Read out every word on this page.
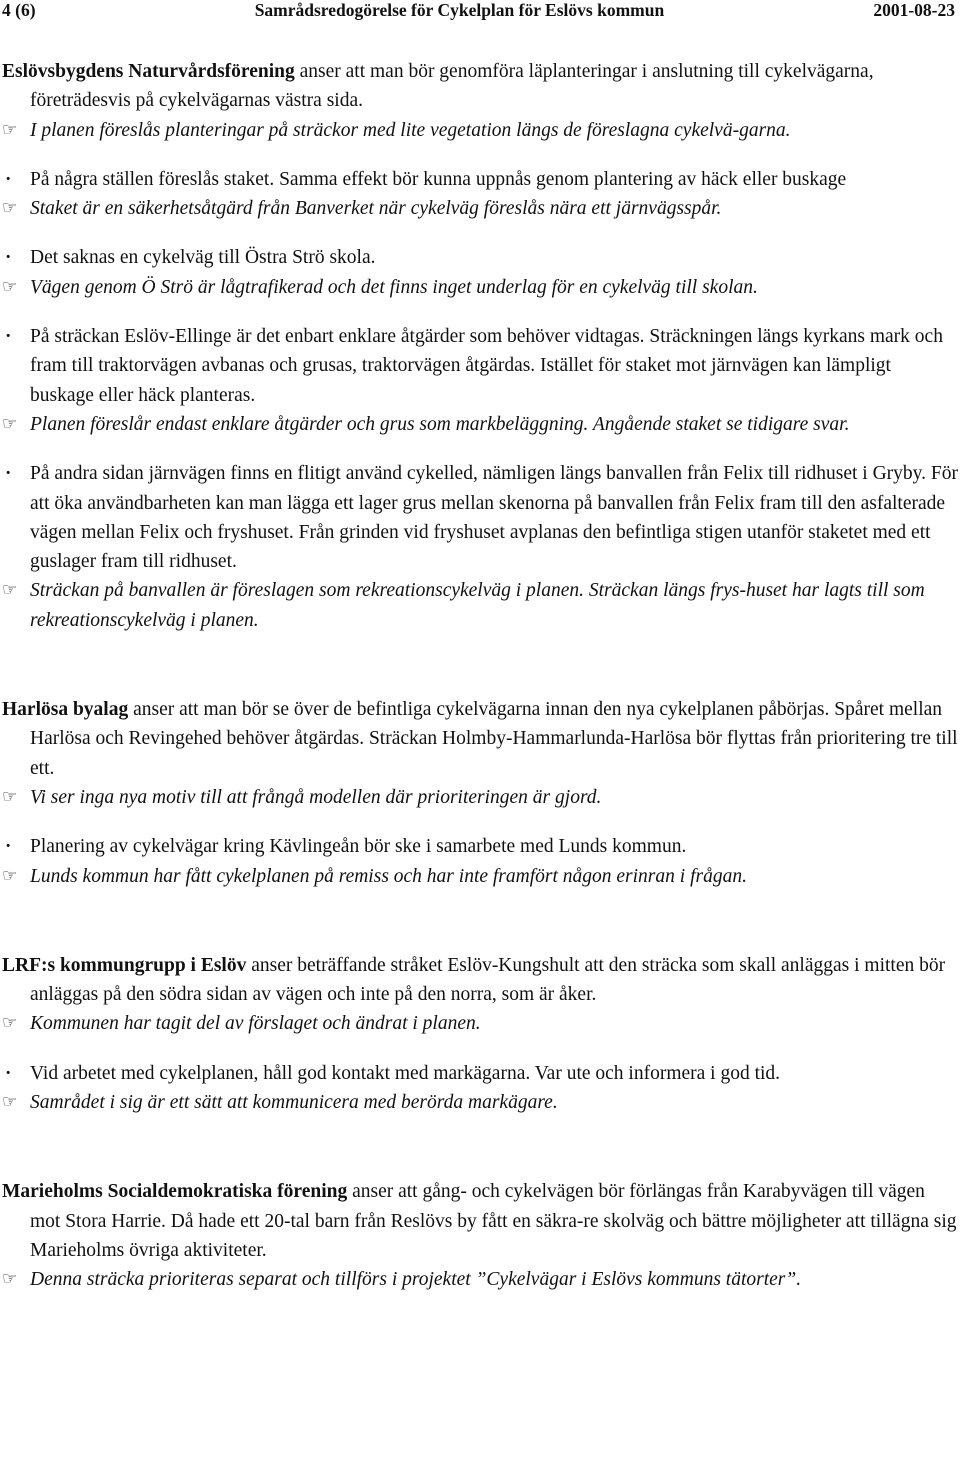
4 (6)	Samrådsredogörelse för Cykelplan för Eslövs kommun	2001-08-23

Eslövsbygdens Naturvårdsförening anser att man bör genomföra läplanteringar i anslutning till cykelvägarna, företrädesvis på cykelvägarnas västra sida.

☞ I planen föreslås planteringar på sträckor med lite vegetation längs de föreslagna cykelvä-garna.
· På några ställen föreslås staket. Samma effekt bör kunna uppnås genom plantering av häck eller buskage
☞ Staket är en säkerhetsåtgärd från Banverket när cykelväg föreslås nära ett järnvägsspår.
· Det saknas en cykelväg till Östra Strö skola.
☞ Vägen genom Ö Strö är lågtrafikerad och det finns inget underlag för en cykelväg till skolan.
· På sträckan Eslöv-Ellinge är det enbart enklare åtgärder som behöver vidtagas. Sträckningen längs kyrkans mark och fram till traktorvägen avbanas och grusas, traktorvägen åtgärdas. Istället för staket mot järnvägen kan lämpligt buskage eller häck planteras.
☞ Planen föreslår endast enklare åtgärder och grus som markbeläggning. Angående staket se tidigare svar.
· På andra sidan järnvägen finns en flitigt använd cykelled, nämligen längs banvallen från Felix till ridhuset i Gryby. För att öka användbarheten kan man lägga ett lager grus mellan skenorna på banvallen från Felix fram till den asfalterade vägen mellan Felix och fryshuset. Från grinden vid fryshuset avplanas den befintliga stigen utanför staketet med ett guslager fram till ridhuset.
☞ Sträckan på banvallen är föreslagen som rekreationscykelväg i planen. Sträckan längs frys-huset har lagts till som rekreationscykelväg i planen.

Harlösa byalag anser att man bör se över de befintliga cykelvägarna innan den nya cykelplanen påbörjas. Spåret mellan Harlösa och Revingehed behöver åtgärdas. Sträckan Holmby-Hammarlunda-Harlösa bör flyttas från prioritering tre till ett.

☞ Vi ser inga nya motiv till att frångå modellen där prioriteringen är gjord.
· Planering av cykelvägar kring Kävlingeån bör ske i samarbete med Lunds kommun.
☞ Lunds kommun har fått cykelplanen på remiss och har inte framfört någon erinran i frågan.

LRF:s kommungrupp i Eslöv anser beträffande stråket Eslöv-Kungshult att den sträcka som skall anläggas i mitten bör anläggas på den södra sidan av vägen och inte på den norra, som är åker.

☞ Kommunen har tagit del av förslaget och ändrat i planen.
· Vid arbetet med cykelplanen, håll god kontakt med markägarna. Var ute och informera i god tid.
☞ Samrådet i sig är ett sätt att kommunicera med berörda markägare.

Marieholms Socialdemokratiska förening anser att gång- och cykelvägen bör förlängas från Karabyvägen till vägen mot Stora Harrie. Då hade ett 20-tal barn från Reslövs by fått en säkra-re skolväg och bättre möjligheter att tillägna sig Marieholms övriga aktiviteter.

☞ Denna sträcka prioriteras separat och tillförs i projektet ”Cykelvägar i Eslövs kommuns tätorter”.
